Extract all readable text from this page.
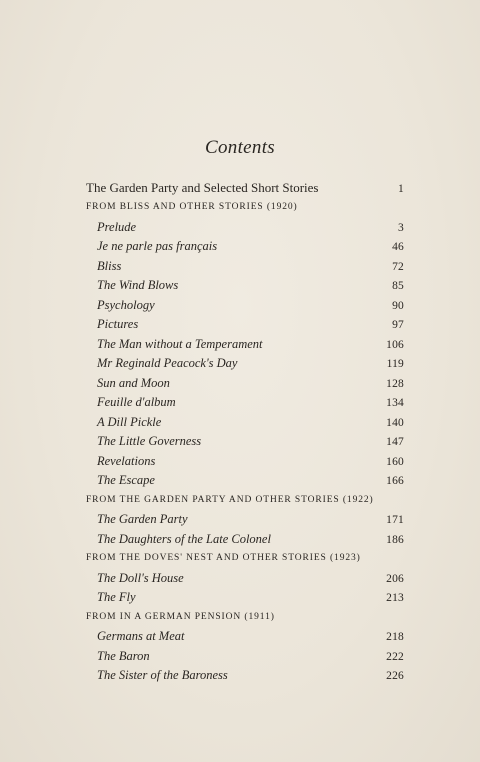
Contents
The Garden Party and Selected Short Stories	1
FROM BLISS AND OTHER STORIES (1920)
Prelude	3
Je ne parle pas français	46
Bliss	72
The Wind Blows	85
Psychology	90
Pictures	97
The Man without a Temperament	106
Mr Reginald Peacock's Day	119
Sun and Moon	128
Feuille d'album	134
A Dill Pickle	140
The Little Governess	147
Revelations	160
The Escape	166
FROM THE GARDEN PARTY AND OTHER STORIES (1922)
The Garden Party	171
The Daughters of the Late Colonel	186
FROM THE DOVES' NEST AND OTHER STORIES (1923)
The Doll's House	206
The Fly	213
FROM IN A GERMAN PENSION (1911)
Germans at Meat	218
The Baron	222
The Sister of the Baroness	226
